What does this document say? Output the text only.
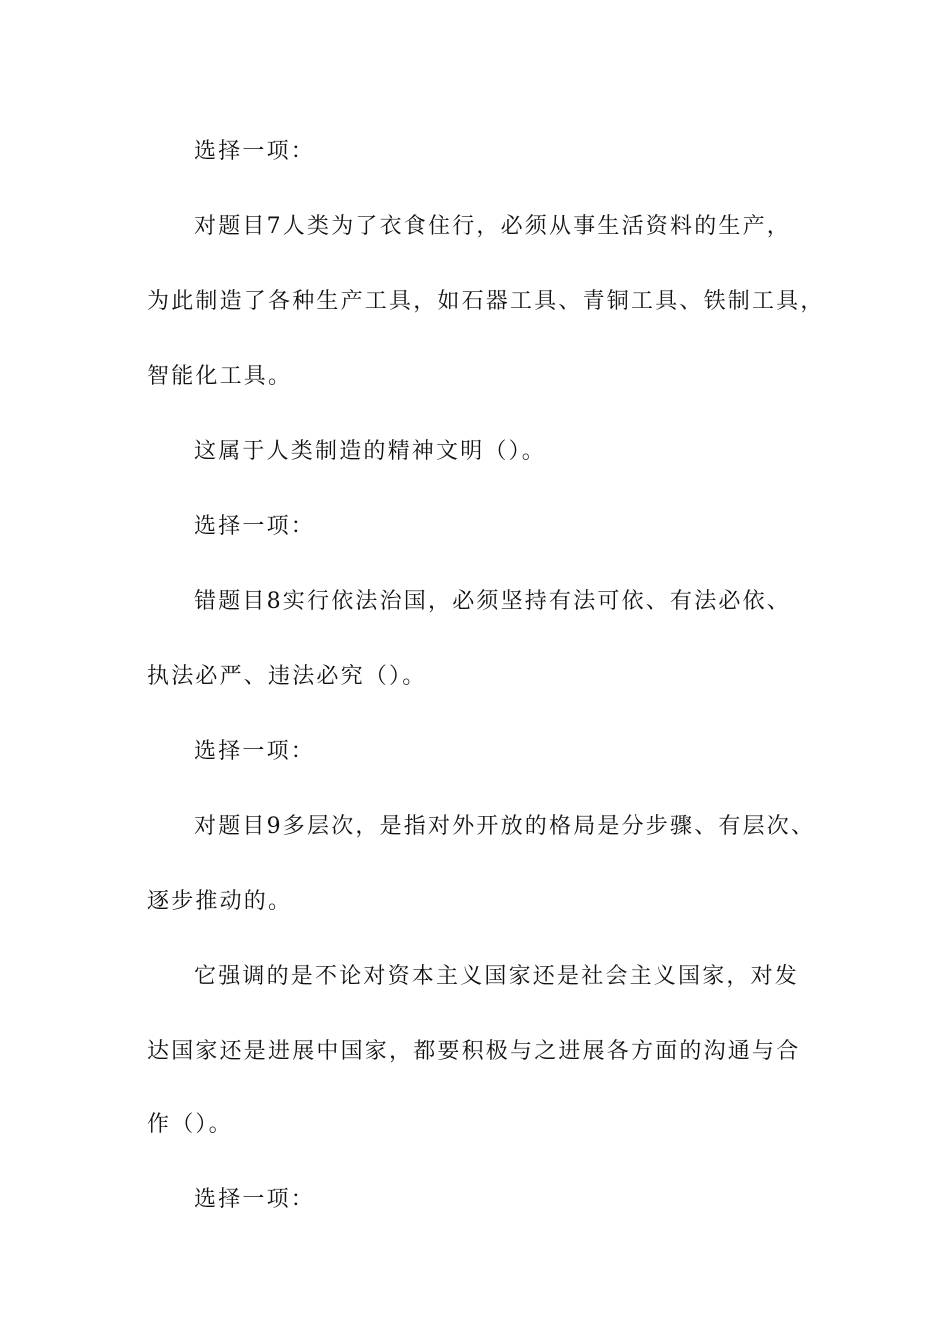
选择一项：
对题目7人类为了衣食住行，必须从事生活资料的生产，
为此制造了各种生产工具，如石器工具、青铜工具、铁制工具，
智能化工具。
这属于人类制造的精神文明（）。
选择一项：
错题目8实行依法治国，必须坚持有法可依、有法必依、
执法必严、违法必究（）。
选择一项：
对题目9多层次，是指对外开放的格局是分步骤、有层次、
逐步推动的。
它强调的是不论对资本主义国家还是社会主义国家，对发
达国家还是进展中国家，都要积极与之进展各方面的沟通与合
作（）。
选择一项：
